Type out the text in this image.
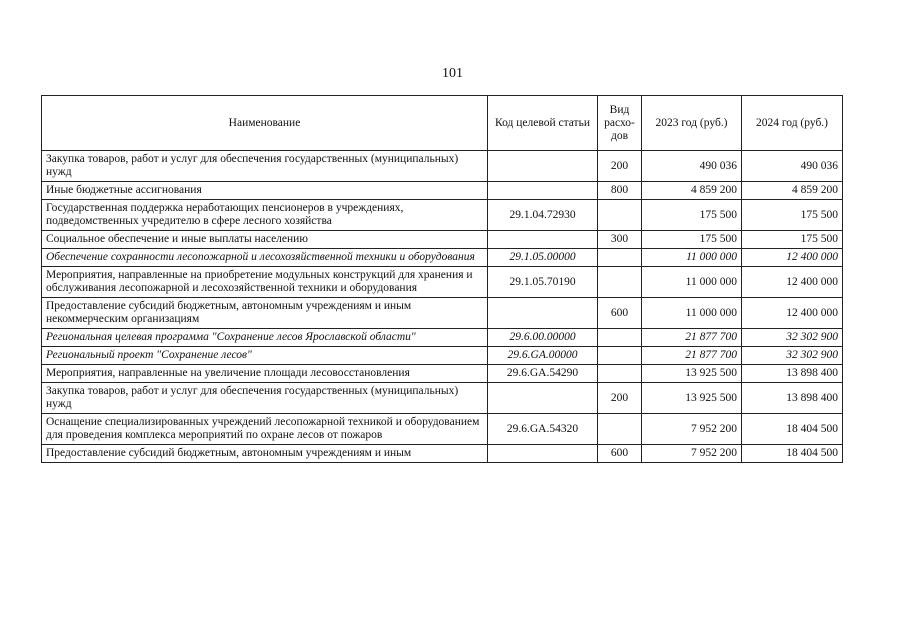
101
Наименование	Код целевой статьи	Вид расхо-дов	2023 год (руб.)	2024 год (руб.)
Закупка товаров, работ и услуг для обеспечения государственных (муниципальных) нужд		200	490 036	490 036
Иные бюджетные ассигнования		800	4 859 200	4 859 200
Государственная поддержка неработающих пенсионеров в учреждениях, подведомственных учредителю в сфере лесного хозяйства	29.1.04.72930		175 500	175 500
Социальное обеспечение и иные выплаты населению		300	175 500	175 500
Обеспечение сохранности лесопожарной и лесохозяйственной техники и оборудования	29.1.05.00000		11 000 000	12 400 000
Мероприятия, направленные на приобретение модульных конструкций для хранения и обслуживания лесопожарной и лесохозяйственной техники и оборудования	29.1.05.70190		11 000 000	12 400 000
Предоставление субсидий бюджетным, автономным учреждениям и иным некоммерческим организациям		600	11 000 000	12 400 000
Региональная целевая программа "Сохранение лесов Ярославской области"	29.6.00.00000		21 877 700	32 302 900
Региональный проект "Сохранение лесов"	29.6.GA.00000		21 877 700	32 302 900
Мероприятия, направленные на увеличение площади лесовосстановления	29.6.GA.54290		13 925 500	13 898 400
Закупка товаров, работ и услуг для обеспечения государственных (муниципальных) нужд		200	13 925 500	13 898 400
Оснащение специализированных учреждений лесопожарной техникой и оборудованием для проведения комплекса мероприятий по охране лесов от пожаров	29.6.GA.54320		7 952 200	18 404 500
Предоставление субсидий бюджетным, автономным учреждениям и иным		600	7 952 200	18 404 500
